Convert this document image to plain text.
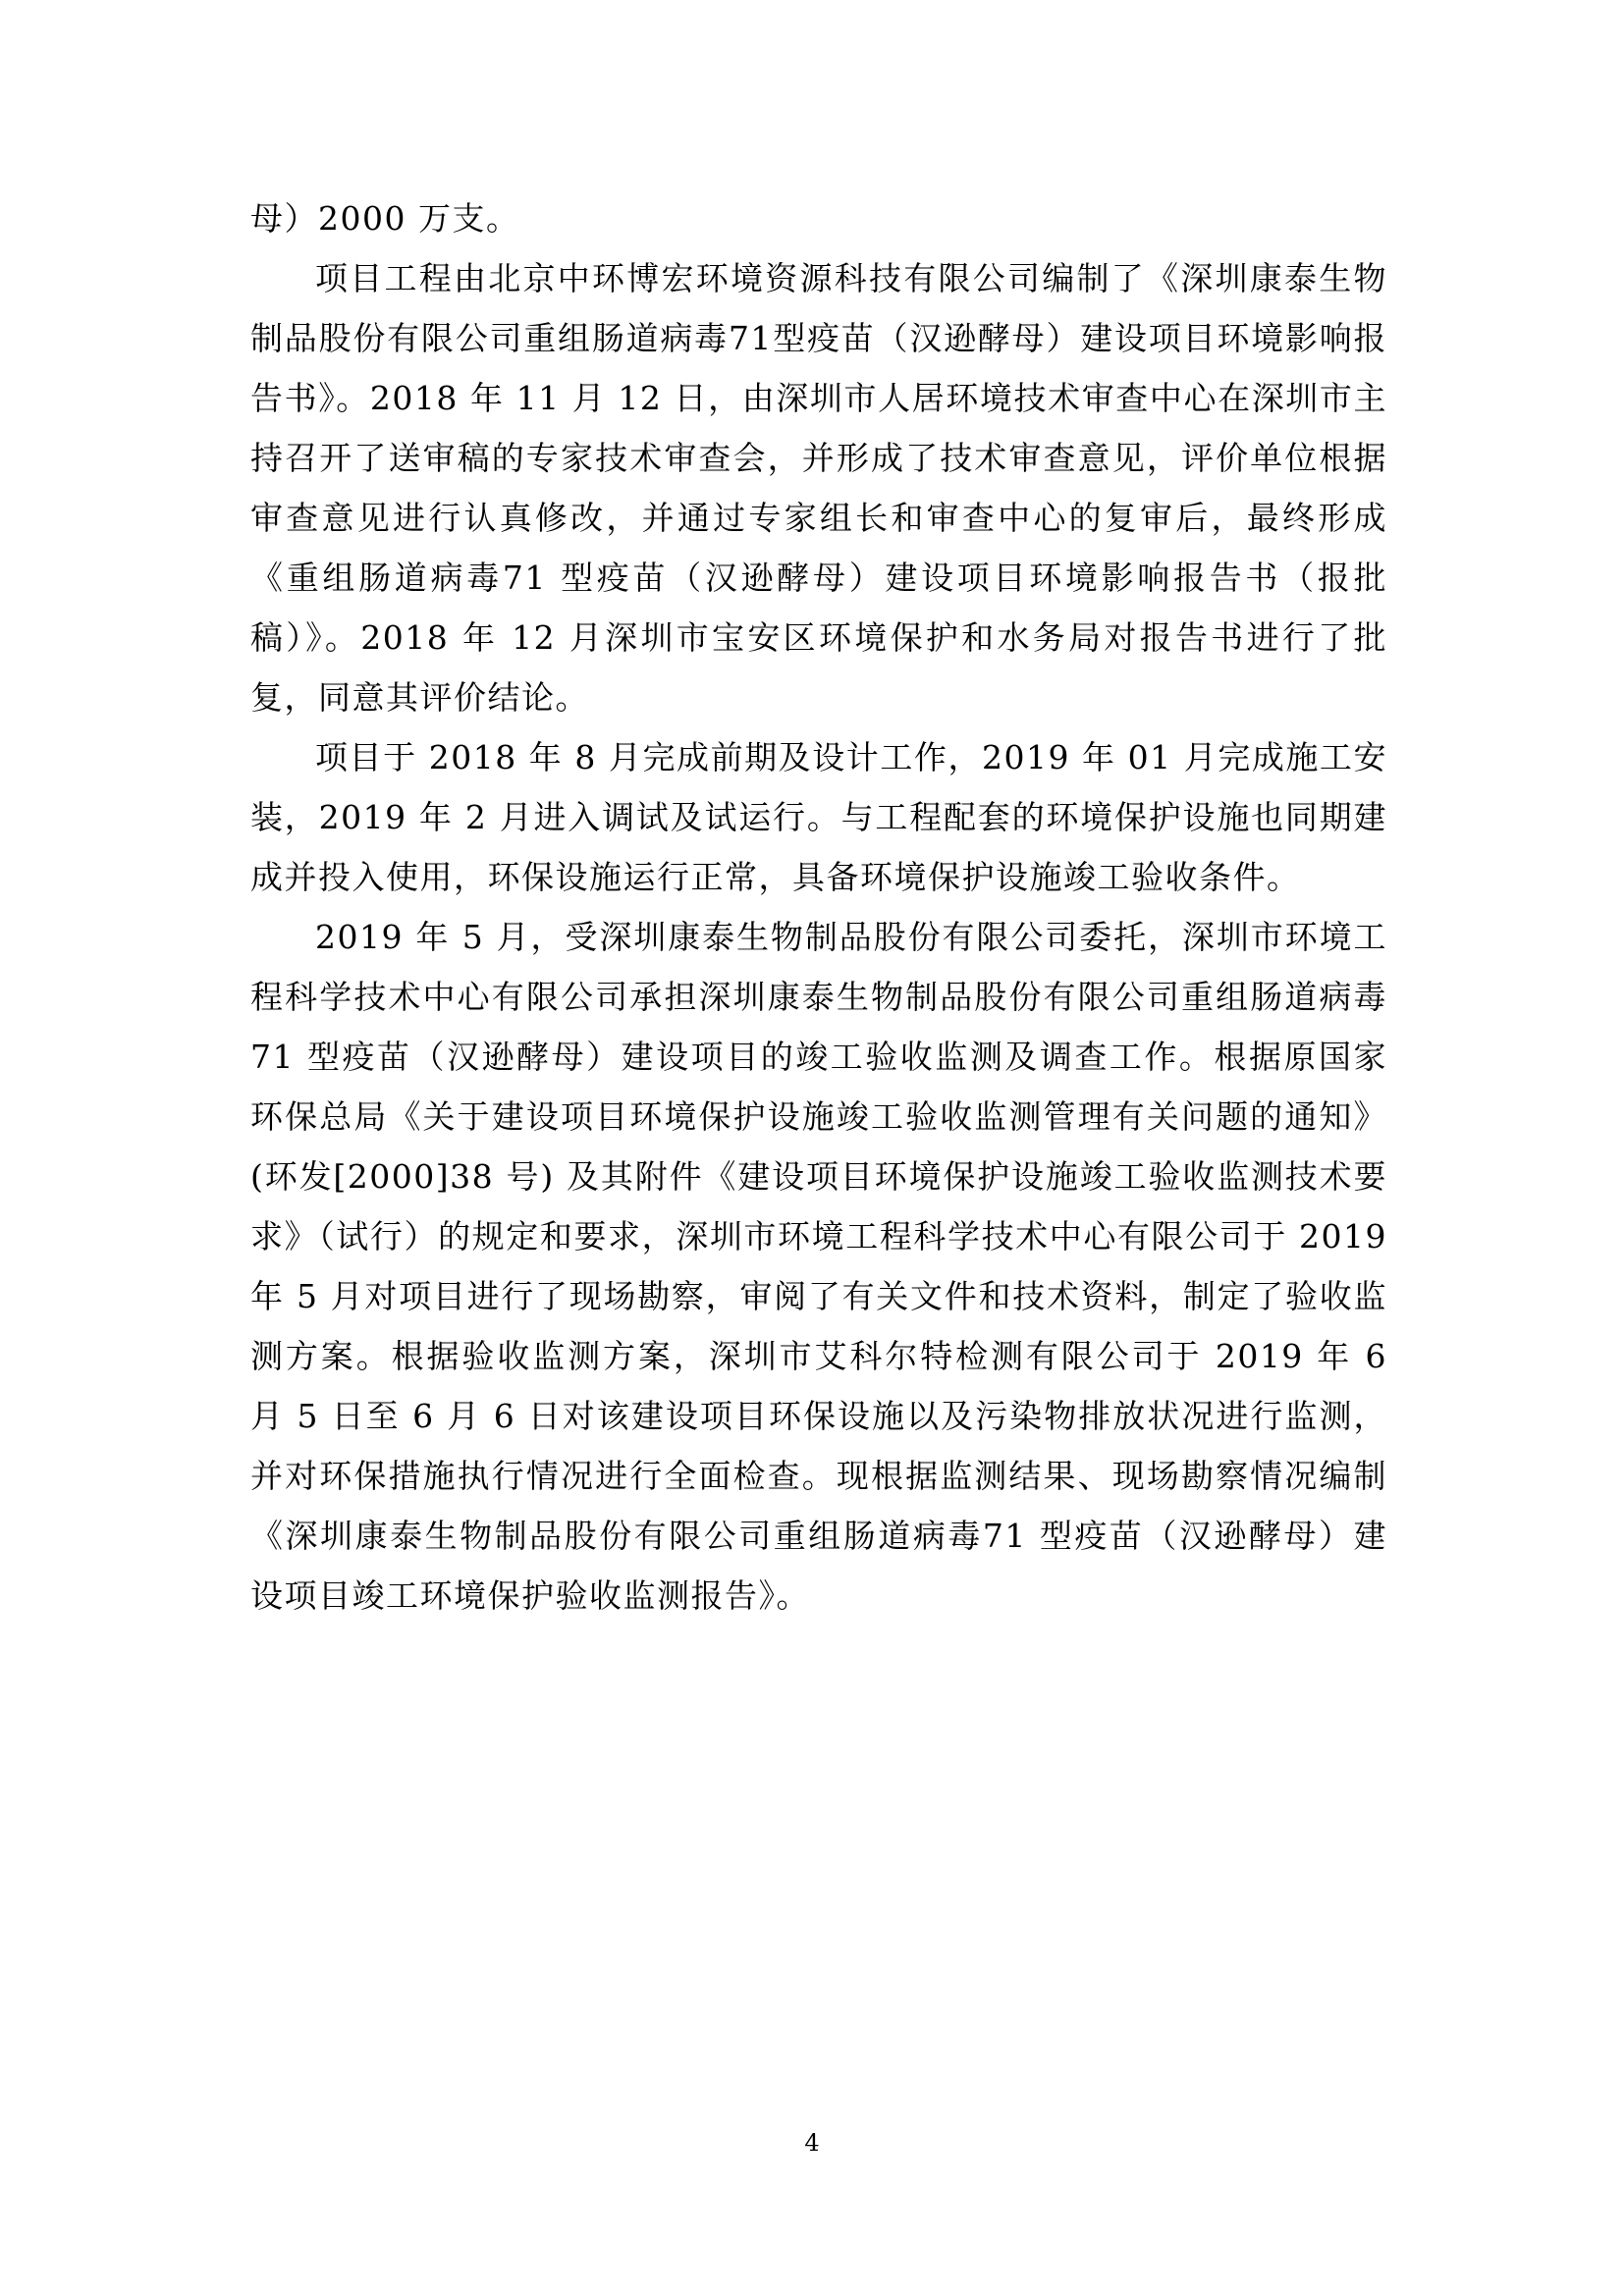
母）2000 万支。

项目工程由北京中环博宏环境资源科技有限公司编制了《深圳康泰生物制品股份有限公司重组肠道病毒71型疫苗（汉逊酵母）建设项目环境影响报告书》。2018 年 11 月 12 日，由深圳市人居环境技术审查中心在深圳市主持召开了送审稿的专家技术审查会，并形成了技术审查意见，评价单位根据审查意见进行认真修改，并通过专家组长和审查中心的复审后，最终形成《重组肠道病毒71 型疫苗（汉逊酵母）建设项目环境影响报告书（报批稿）》。2018 年 12 月深圳市宝安区环境保护和水务局对报告书进行了批复，同意其评价结论。

项目于 2018 年 8 月完成前期及设计工作，2019 年 01 月完成施工安装，2019 年 2 月进入调试及试运行。与工程配套的环境保护设施也同期建成并投入使用，环保设施运行正常，具备环境保护设施竣工验收条件。

2019 年 5 月，受深圳康泰生物制品股份有限公司委托，深圳市环境工程科学技术中心有限公司承担深圳康泰生物制品股份有限公司重组肠道病毒 71 型疫苗（汉逊酵母）建设项目的竣工验收监测及调查工作。根据原国家环保总局《关于建设项目环境保护设施竣工验收监测管理有关问题的通知》(环发[2000]38 号) 及其附件《建设项目环境保护设施竣工验收监测技术要求》（试行）的规定和要求，深圳市环境工程科学技术中心有限公司于 2019 年 5 月对项目进行了现场勘察，审阅了有关文件和技术资料，制定了验收监测方案。根据验收监测方案，深圳市艾科尔特检测有限公司于 2019 年 6 月 5 日至 6 月 6 日对该建设项目环保设施以及污染物排放状况进行监测，并对环保措施执行情况进行全面检查。现根据监测结果、现场勘察情况编制《深圳康泰生物制品股份有限公司重组肠道病毒71 型疫苗（汉逊酵母）建设项目竣工环境保护验收监测报告》。

4
